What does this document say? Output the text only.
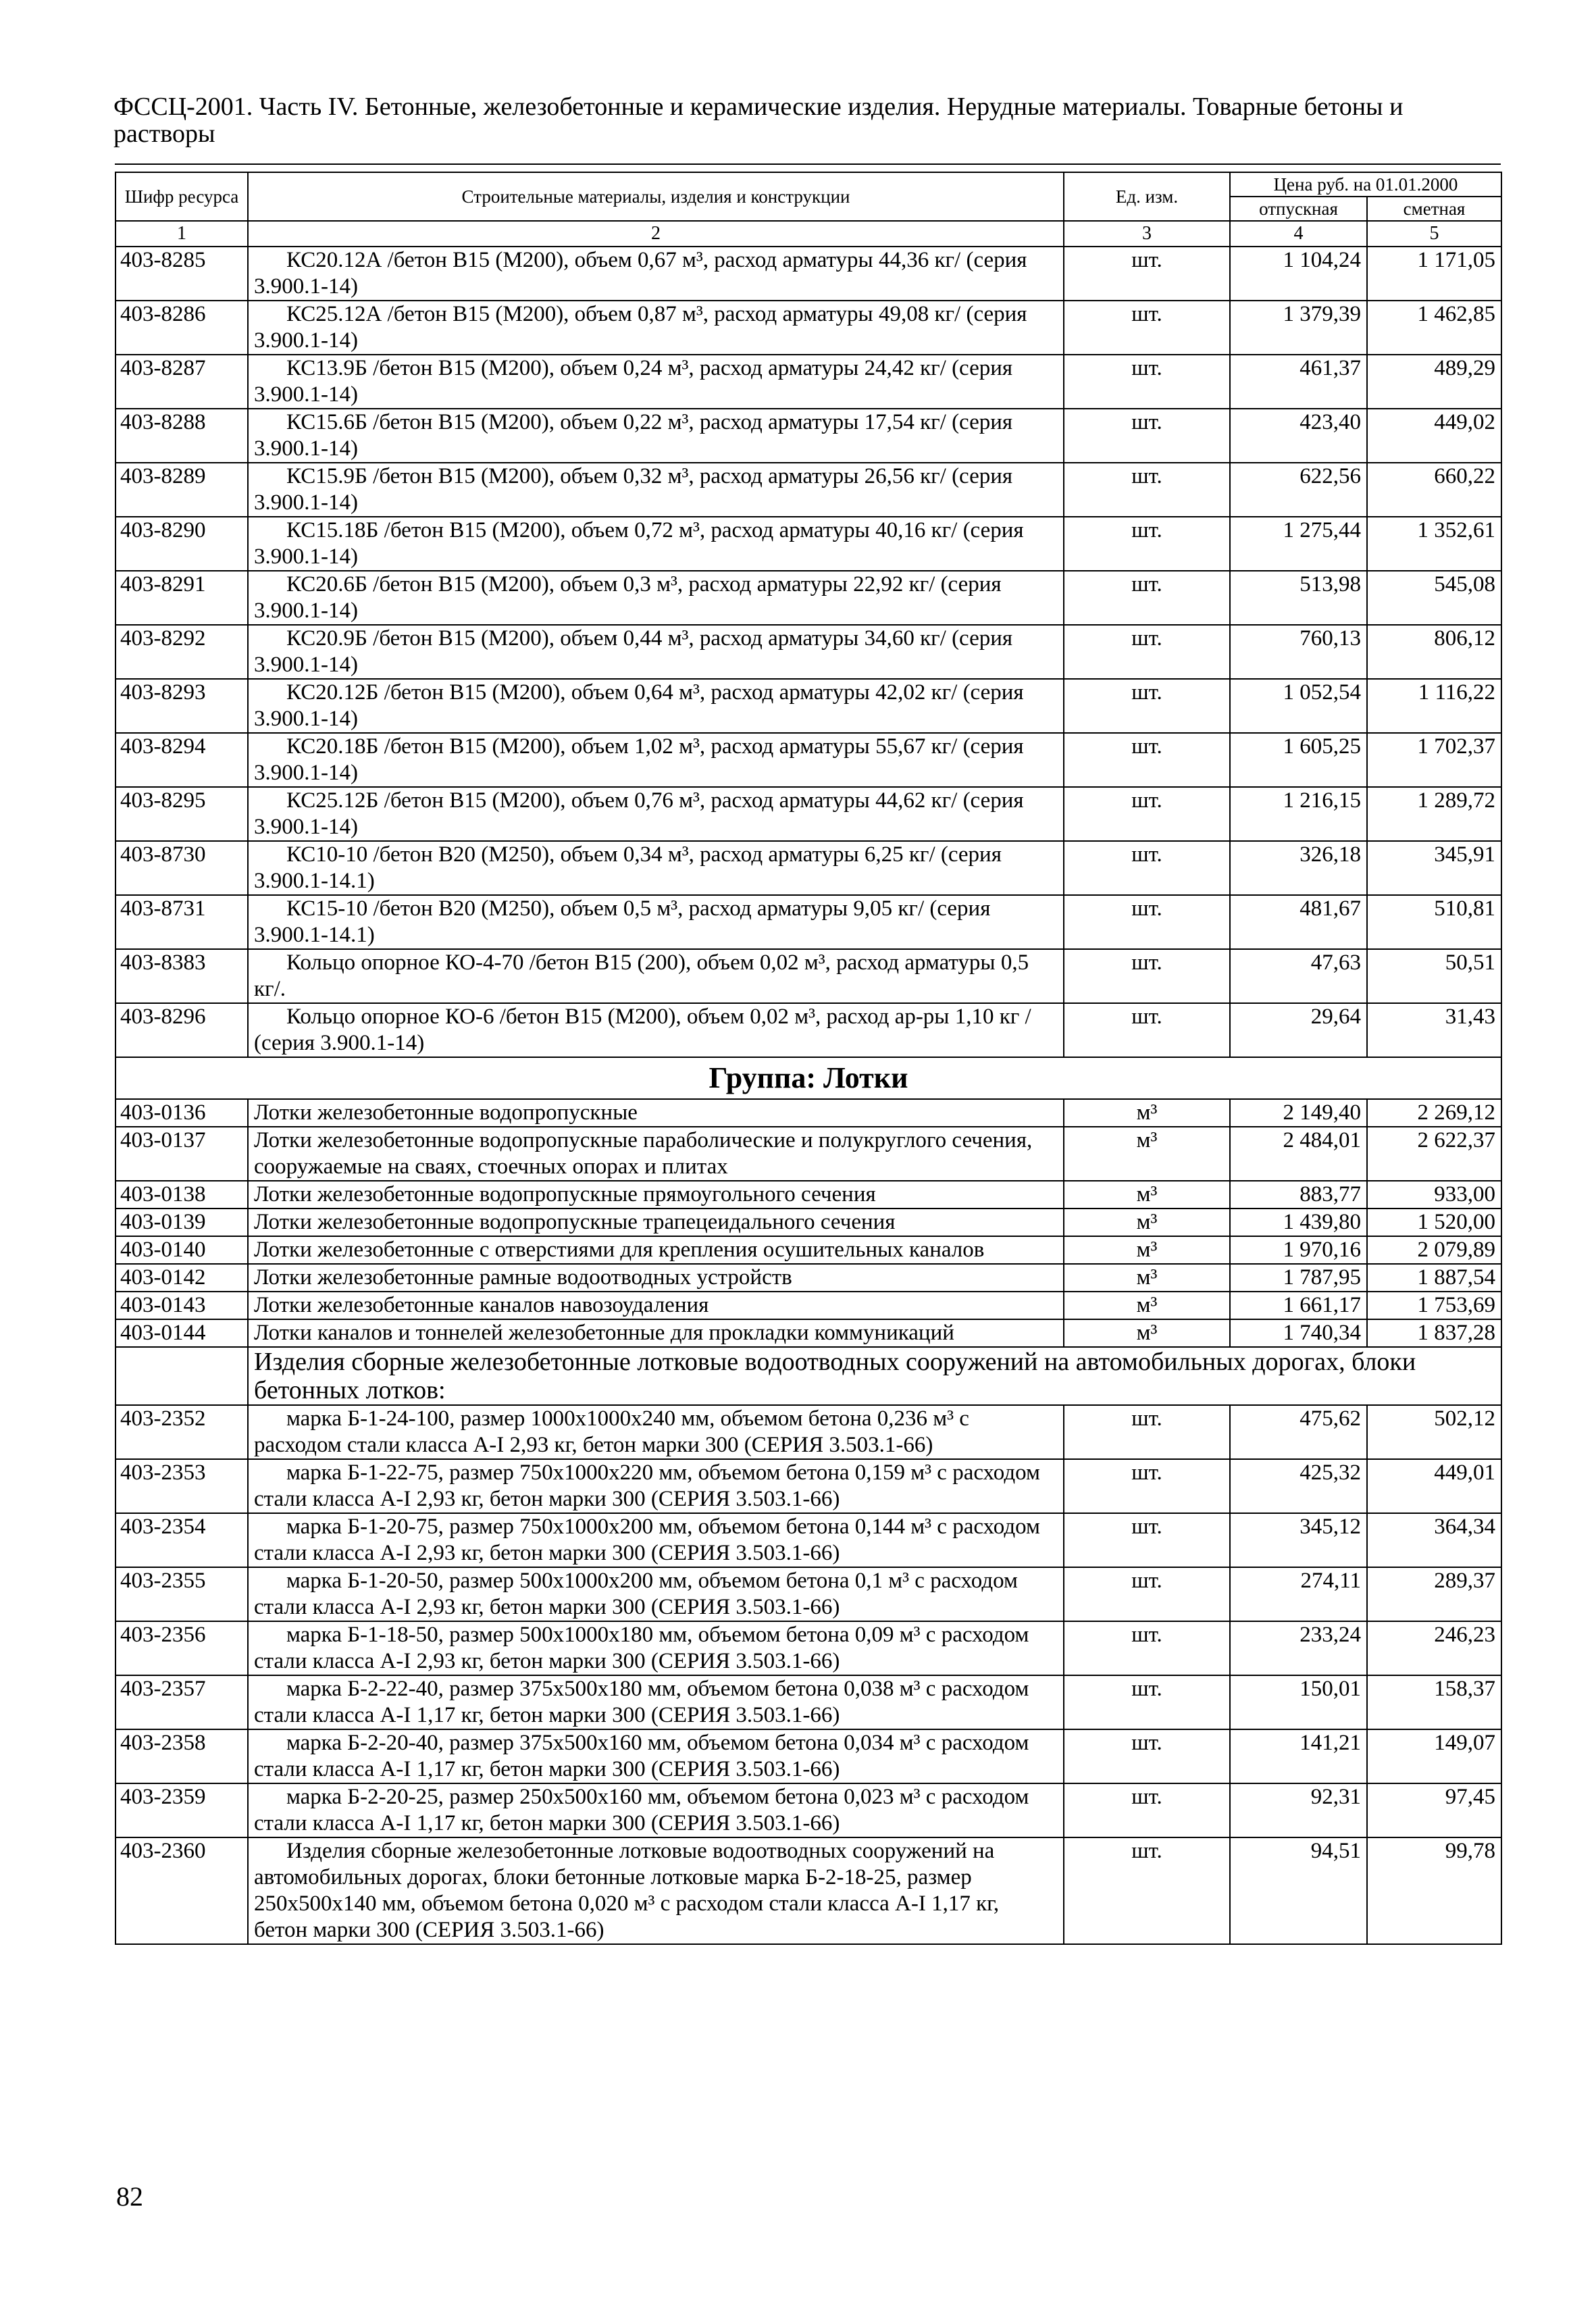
ФССЦ-2001. Часть IV. Бетонные, железобетонные и керамические изделия. Нерудные материалы. Товарные бетоны и растворы
Шифр ресурса	Строительные материалы, изделия и конструкции	Ед. изм.	Цена руб. на 01.01.2000	
			отпускная	сметная
1	2	3	4	5
403-8285	КС20.12А /бетон В15 (М200), объем 0,67 м³, расход арматуры 44,36 кг/ (серия 3.900.1-14)	шт.	1 104,24	1 171,05
403-8286	КС25.12А /бетон В15 (М200), объем 0,87 м³, расход арматуры 49,08 кг/ (серия 3.900.1-14)	шт.	1 379,39	1 462,85
403-8287	КС13.9Б /бетон В15 (М200), объем 0,24 м³, расход арматуры 24,42 кг/ (серия 3.900.1-14)	шт.	461,37	489,29
403-8288	КС15.6Б /бетон В15 (М200), объем 0,22 м³, расход арматуры 17,54 кг/ (серия 3.900.1-14)	шт.	423,40	449,02
403-8289	КС15.9Б /бетон В15 (М200), объем 0,32 м³, расход арматуры 26,56 кг/ (серия 3.900.1-14)	шт.	622,56	660,22
403-8290	КС15.18Б /бетон В15 (М200), объем 0,72 м³, расход арматуры 40,16 кг/ (серия 3.900.1-14)	шт.	1 275,44	1 352,61
403-8291	КС20.6Б /бетон В15 (М200), объем 0,3 м³, расход арматуры 22,92 кг/ (серия 3.900.1-14)	шт.	513,98	545,08
403-8292	КС20.9Б /бетон В15 (М200), объем 0,44 м³, расход арматуры 34,60 кг/ (серия 3.900.1-14)	шт.	760,13	806,12
403-8293	КС20.12Б /бетон В15 (М200), объем 0,64 м³, расход арматуры 42,02 кг/ (серия 3.900.1-14)	шт.	1 052,54	1 116,22
403-8294	КС20.18Б /бетон В15 (М200), объем 1,02 м³, расход арматуры 55,67 кг/ (серия 3.900.1-14)	шт.	1 605,25	1 702,37
403-8295	КС25.12Б /бетон В15 (М200), объем 0,76 м³, расход арматуры 44,62 кг/ (серия 3.900.1-14)	шт.	1 216,15	1 289,72
403-8730	КС10-10 /бетон В20 (М250), объем 0,34 м³, расход арматуры 6,25 кг/ (серия 3.900.1-14.1)	шт.	326,18	345,91
403-8731	КС15-10 /бетон В20 (М250), объем 0,5 м³, расход арматуры 9,05 кг/ (серия 3.900.1-14.1)	шт.	481,67	510,81
403-8383	Кольцо опорное КО-4-70 /бетон В15 (200), объем 0,02 м³, расход арматуры 0,5 кг/.	шт.	47,63	50,51
403-8296	Кольцо опорное КО-6 /бетон В15 (М200), объем 0,02 м³, расход ар-ры 1,10 кг / (серия 3.900.1-14)	шт.	29,64	31,43
Группа: Лотки				
403-0136	Лотки железобетонные водопропускные	м³	2 149,40	2 269,12
403-0137	Лотки железобетонные водопропускные параболические и полукруглого сечения, сооружаемые на сваях, стоечных опорах и плитах	м³	2 484,01	2 622,37
403-0138	Лотки железобетонные водопропускные прямоугольного сечения	м³	883,77	933,00
403-0139	Лотки железобетонные водопропускные трапецеидального сечения	м³	1 439,80	1 520,00
403-0140	Лотки железобетонные с отверстиями для крепления осушительных каналов	м³	1 970,16	2 079,89
403-0142	Лотки железобетонные рамные водоотводных устройств	м³	1 787,95	1 887,54
403-0143	Лотки железобетонные каналов навозоудаления	м³	1 661,17	1 753,69
403-0144	Лотки каналов и тоннелей железобетонные для прокладки коммуникаций	м³	1 740,34	1 837,28
	Изделия сборные железобетонные лотковые водоотводных сооружений на автомобильных дорогах, блоки бетонных лотков:			
403-2352	марка Б-1-24-100, размер 1000х1000х240 мм, объемом бетона 0,236 м³ с расходом стали класса А-I 2,93 кг, бетон марки 300 (СЕРИЯ 3.503.1-66)	шт.	475,62	502,12
403-2353	марка Б-1-22-75, размер 750х1000х220 мм, объемом бетона 0,159 м³ с расходом стали класса А-I 2,93 кг, бетон марки 300 (СЕРИЯ 3.503.1-66)	шт.	425,32	449,01
403-2354	марка Б-1-20-75, размер 750х1000х200 мм, объемом бетона 0,144 м³ с расходом стали класса А-I 2,93 кг, бетон марки 300 (СЕРИЯ 3.503.1-66)	шт.	345,12	364,34
403-2355	марка Б-1-20-50, размер 500х1000х200 мм, объемом бетона 0,1 м³ с расходом стали класса А-I 2,93 кг, бетон марки 300 (СЕРИЯ 3.503.1-66)	шт.	274,11	289,37
403-2356	марка Б-1-18-50, размер 500х1000х180 мм, объемом бетона 0,09 м³ с расходом стали класса А-I 2,93 кг, бетон марки 300 (СЕРИЯ 3.503.1-66)	шт.	233,24	246,23
403-2357	марка Б-2-22-40, размер 375х500х180 мм, объемом бетона 0,038 м³ с расходом стали класса А-I 1,17 кг, бетон марки 300 (СЕРИЯ 3.503.1-66)	шт.	150,01	158,37
403-2358	марка Б-2-20-40, размер 375х500х160 мм, объемом бетона 0,034 м³ с расходом стали класса А-I 1,17 кг, бетон марки 300 (СЕРИЯ 3.503.1-66)	шт.	141,21	149,07
403-2359	марка Б-2-20-25, размер 250х500х160 мм, объемом бетона 0,023 м³ с расходом стали класса А-I 1,17 кг, бетон марки 300 (СЕРИЯ 3.503.1-66)	шт.	92,31	97,45
403-2360	Изделия сборные железобетонные лотковые водоотводных сооружений на автомобильных дорогах, блоки бетонные лотковые марка Б-2-18-25, размер 250х500х140 мм, объемом бетона 0,020 м³ с расходом стали класса А-I 1,17 кг, бетон марки 300 (СЕРИЯ 3.503.1-66)	шт.	94,51	99,78
82
